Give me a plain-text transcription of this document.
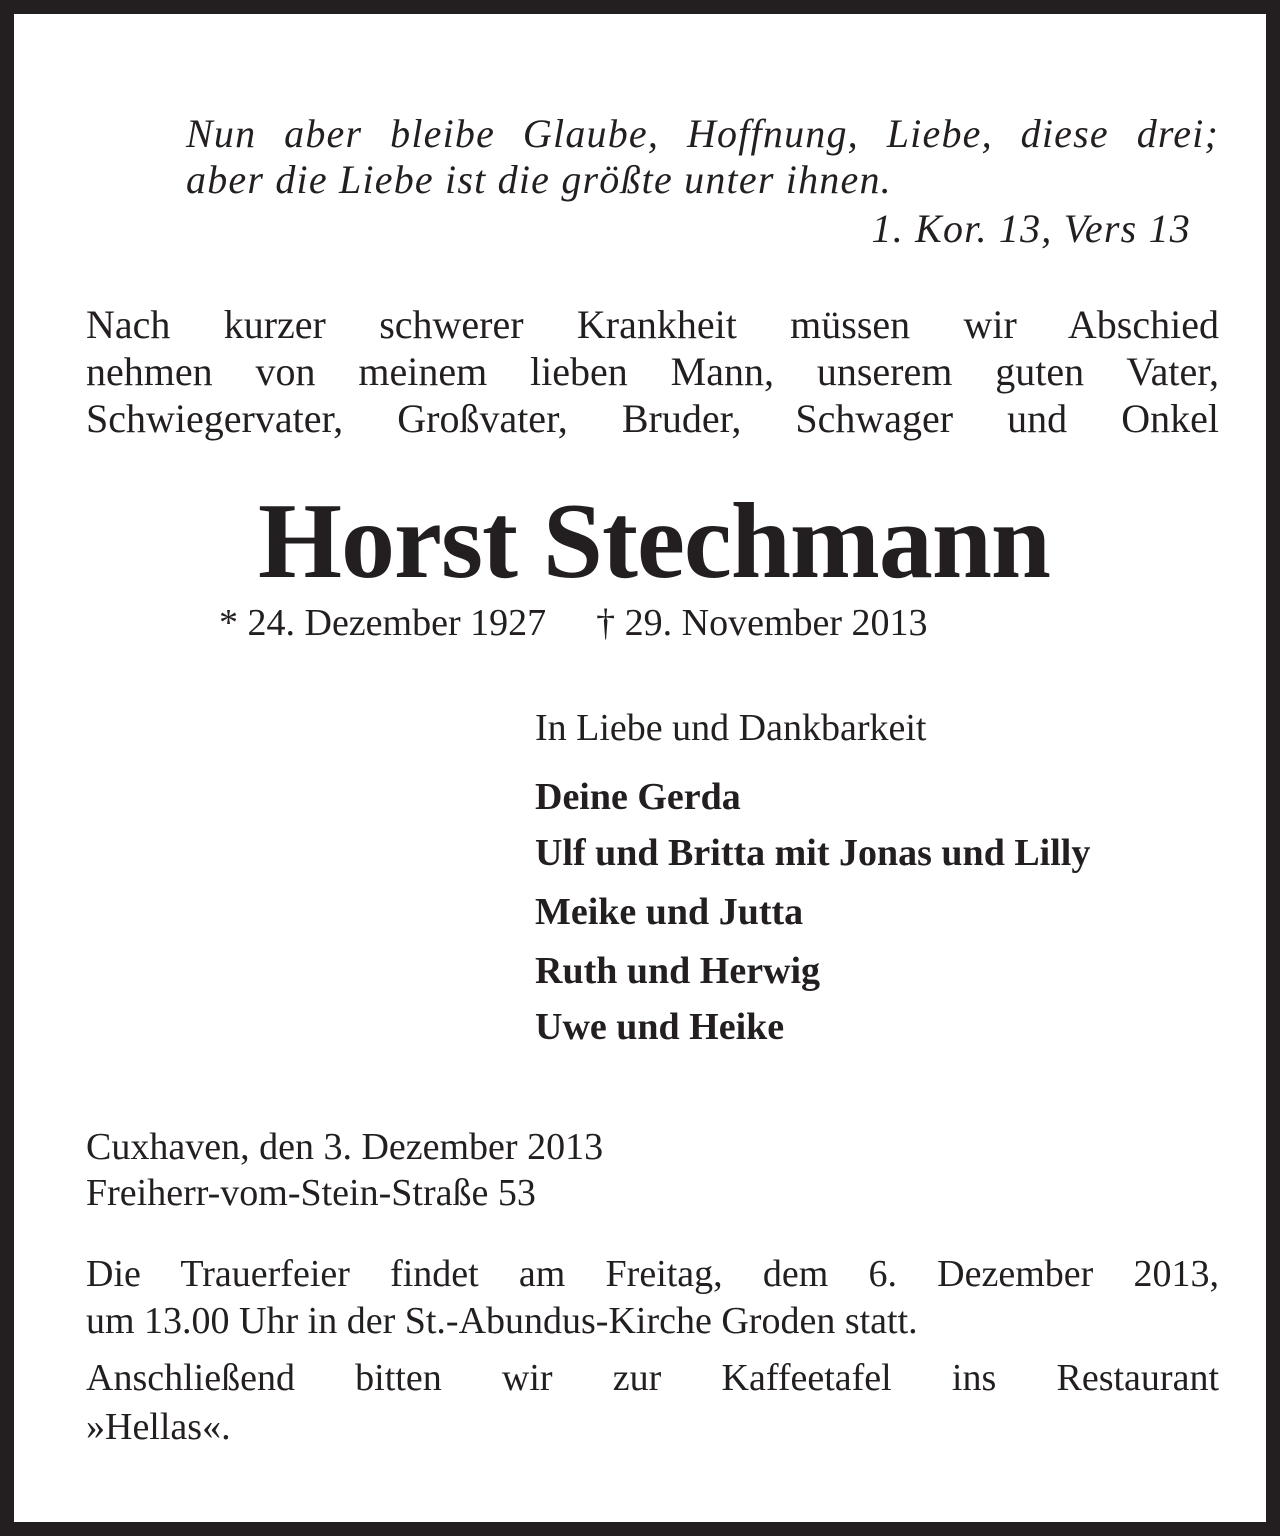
Nun aber bleibe Glaube, Hoffnung, Liebe, diese drei;

aber die Liebe ist die größte unter ihnen.

1. Kor. 13, Vers 13

Nach kurzer schwerer Krankheit müssen wir Abschied

nehmen von meinem lieben Mann, unserem guten Vater,

Schwiegervater, Großvater, Bruder, Schwager und Onkel

Horst Stechmann
* 24. Dezember 1927 † 29. November 2013

In Liebe und Dankbarkeit

Deine Gerda

Ulf und Britta mit Jonas und Lilly

Meike und Jutta

Ruth und Herwig

Uwe und Heike

Cuxhaven, den 3. Dezember 2013

Freiherr-vom-Stein-Straße 53

Die Trauerfeier findet am Freitag, dem 6. Dezember 2013,

um 13.00 Uhr in der St.-Abundus-Kirche Groden statt.

Anschließend bitten wir zur Kaffeetafel ins Restaurant

»Hellas«.
